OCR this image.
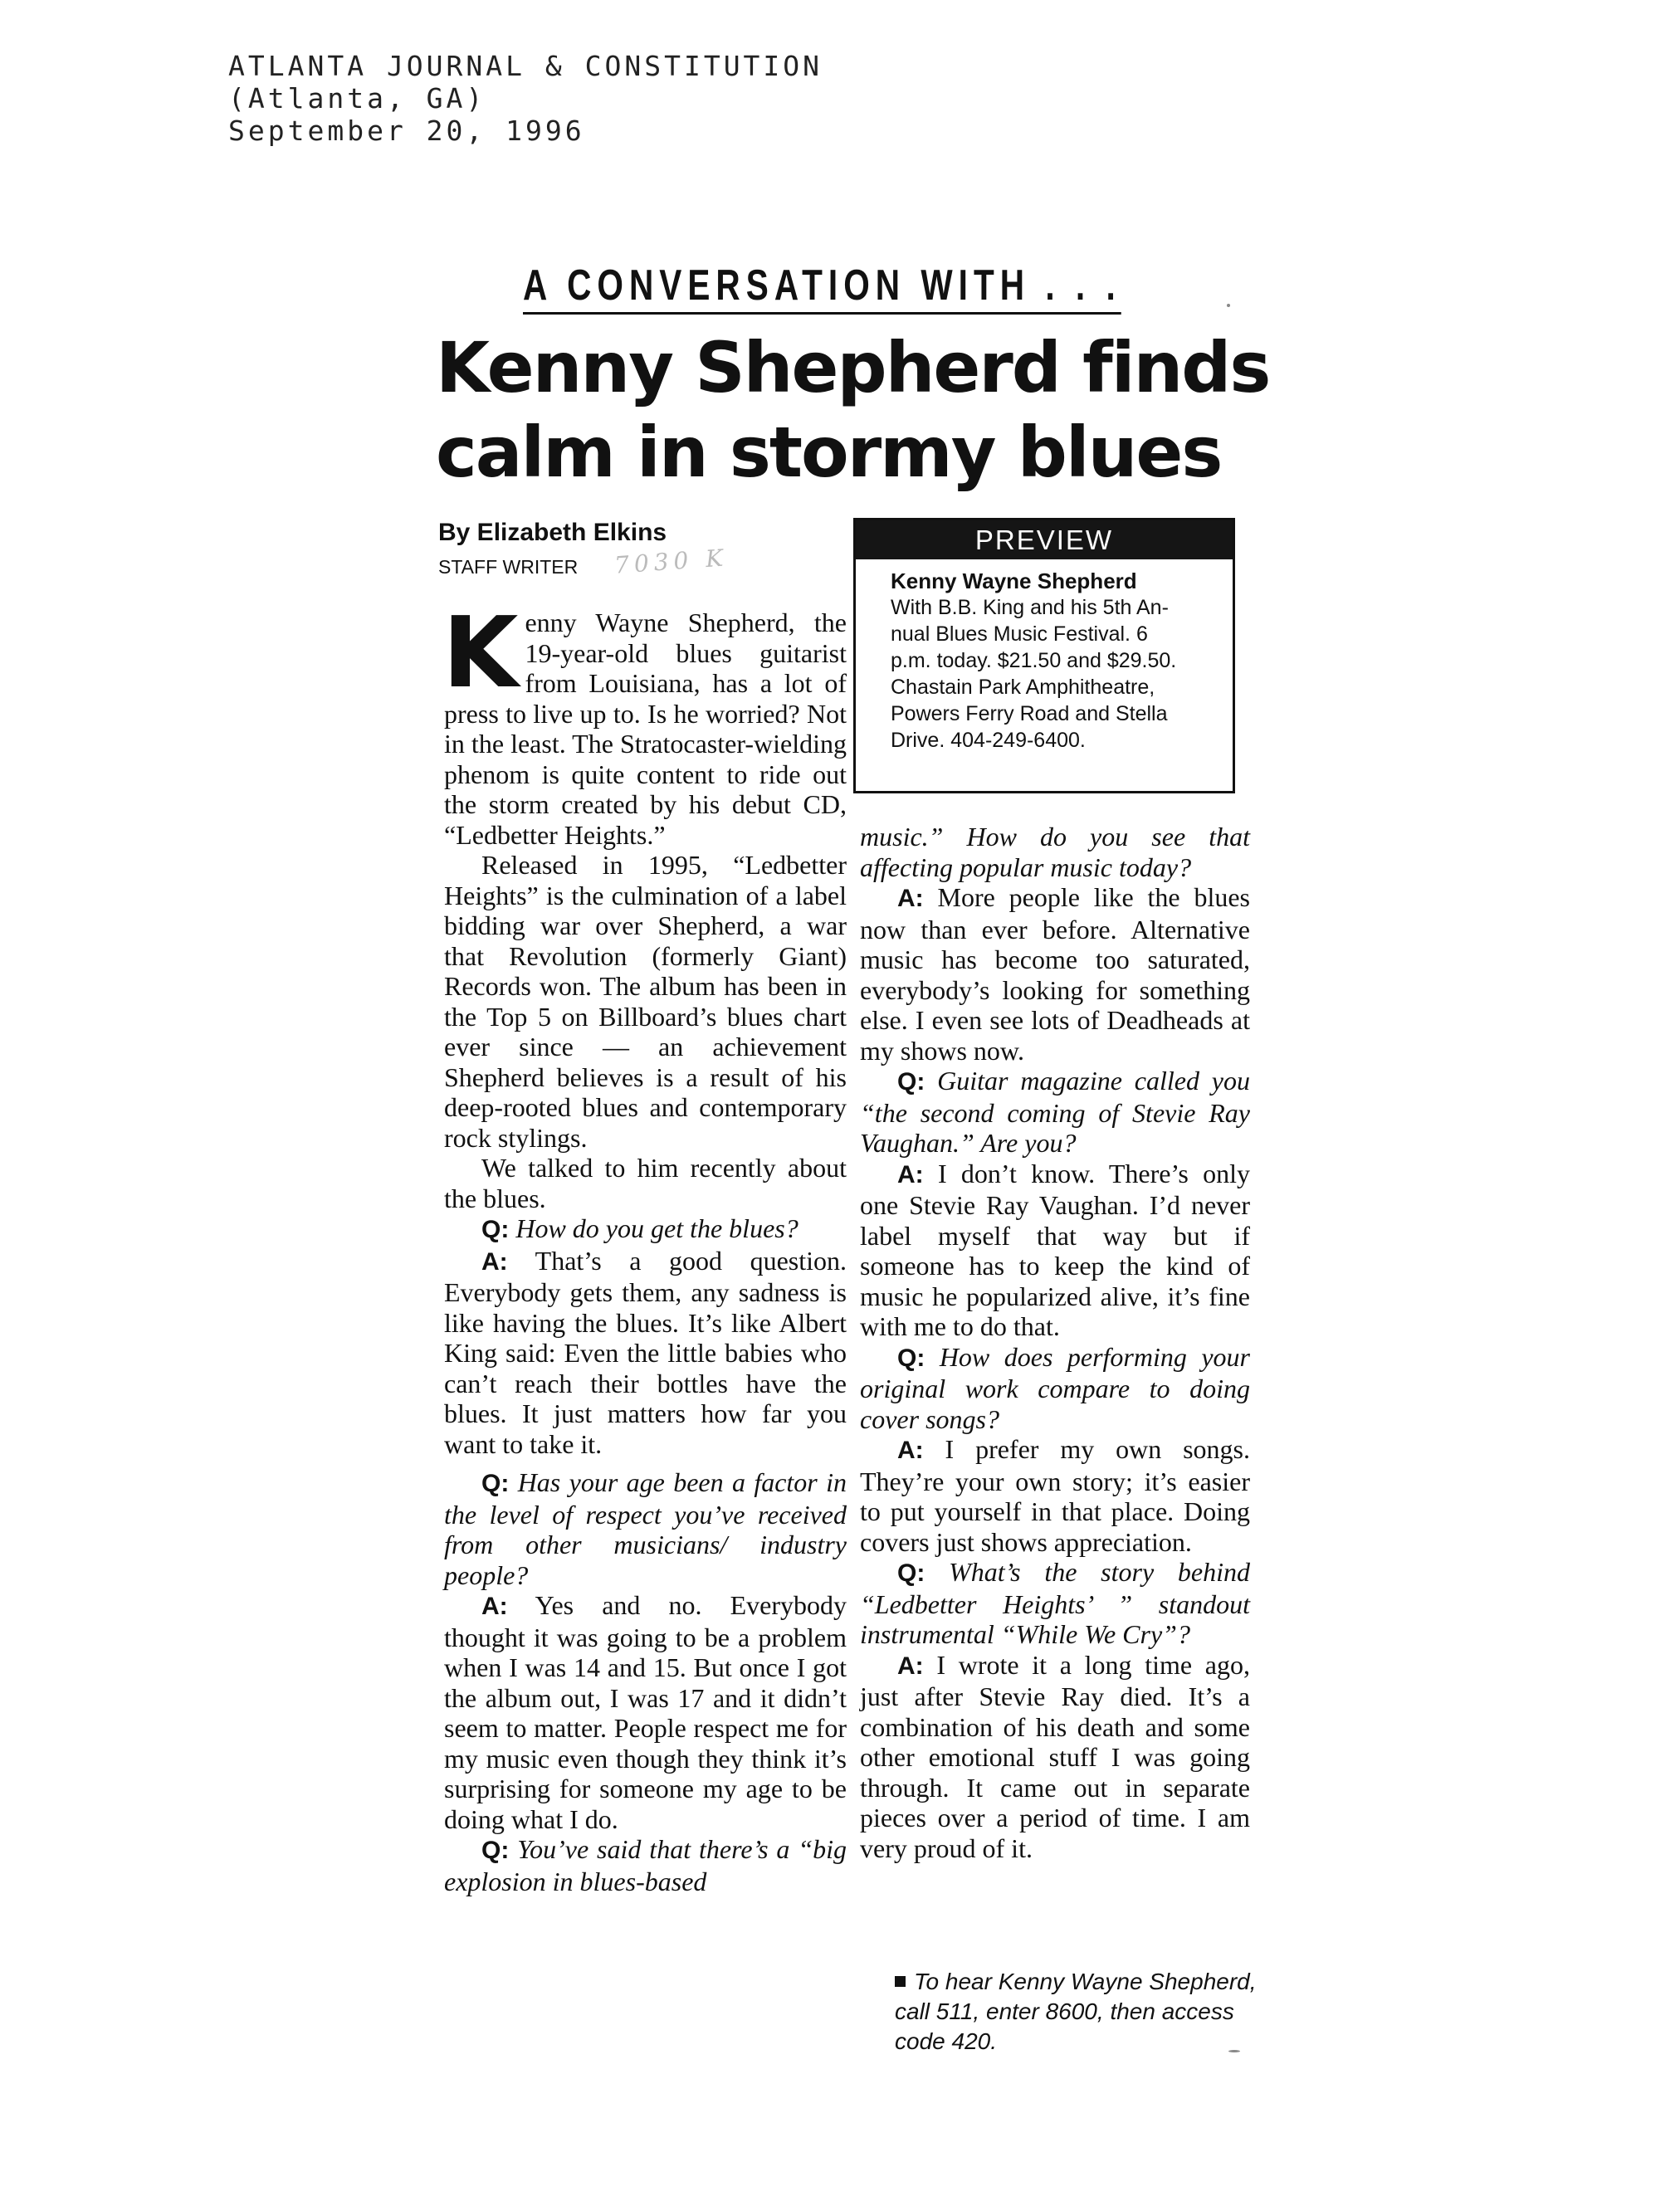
ATLANTA JOURNAL & CONSTITUTION
(Atlanta, GA)
September 20, 1996
A CONVERSATION WITH . . .
Kenny Shepherd finds
calm in stormy blues
By Elizabeth Elkins
STAFF WRITER 7030 K

Kenny Wayne Shepherd, the 19-year-old blues guitarist from Louisiana, has a lot of press to live up to. Is he worried? Not in the least. The Stratocaster-wielding phenom is quite content to ride out the storm created by his debut CD, “Ledbetter Heights.”

Released in 1995, “Ledbetter Heights” is the culmination of a label bidding war over Shepherd, a war that Revolution (formerly Giant) Records won. The album has been in the Top 5 on Billboard’s blues chart ever since — an achievement Shepherd believes is a result of his deep-rooted blues and contemporary rock stylings.

We talked to him recently about the blues.

Q: How do you get the blues?

A: That’s a good question. Everybody gets them, any sadness is like having the blues. It’s like Albert King said: Even the little babies who can’t reach their bottles have the blues. It just matters how far you want to take it.

Q: Has your age been a factor in the level of respect you’ve received from other musicians/ industry people?

A: Yes and no. Everybody thought it was going to be a problem when I was 14 and 15. But once I got the album out, I was 17 and it didn’t seem to matter. People respect me for my music even though they think it’s surprising for someone my age to be doing what I do.

Q: You’ve said that there’s a “big explosion in blues-based

PREVIEW
Kenny Wayne Shepherd
With B.B. King and his 5th An-
nual Blues Music Festival. 6
p.m. today. $21.50 and $29.50.
Chastain Park Amphitheatre,
Powers Ferry Road and Stella
Drive. 404-249-6400.

music.” How do you see that affecting popular music today?

A: More people like the blues now than ever before. Alternative music has become too saturated, everybody’s looking for something else. I even see lots of Deadheads at my shows now.

Q: Guitar magazine called you “the second coming of Stevie Ray Vaughan.” Are you?

A: I don’t know. There’s only one Stevie Ray Vaughan. I’d never label myself that way but if someone has to keep the kind of music he popularized alive, it’s fine with me to do that.

Q: How does performing your original work compare to doing cover songs?

A: I prefer my own songs. They’re your own story; it’s easier to put yourself in that place. Doing covers just shows appreciation.

Q: What’s the story behind “Ledbetter Heights’ ” standout instrumental “While We Cry”?

A: I wrote it a long time ago, just after Stevie Ray died. It’s a combination of his death and some other emotional stuff I was going through. It came out in separate pieces over a period of time. I am very proud of it.

To hear Kenny Wayne Shepherd, call 511, enter 8600, then access code 420.
